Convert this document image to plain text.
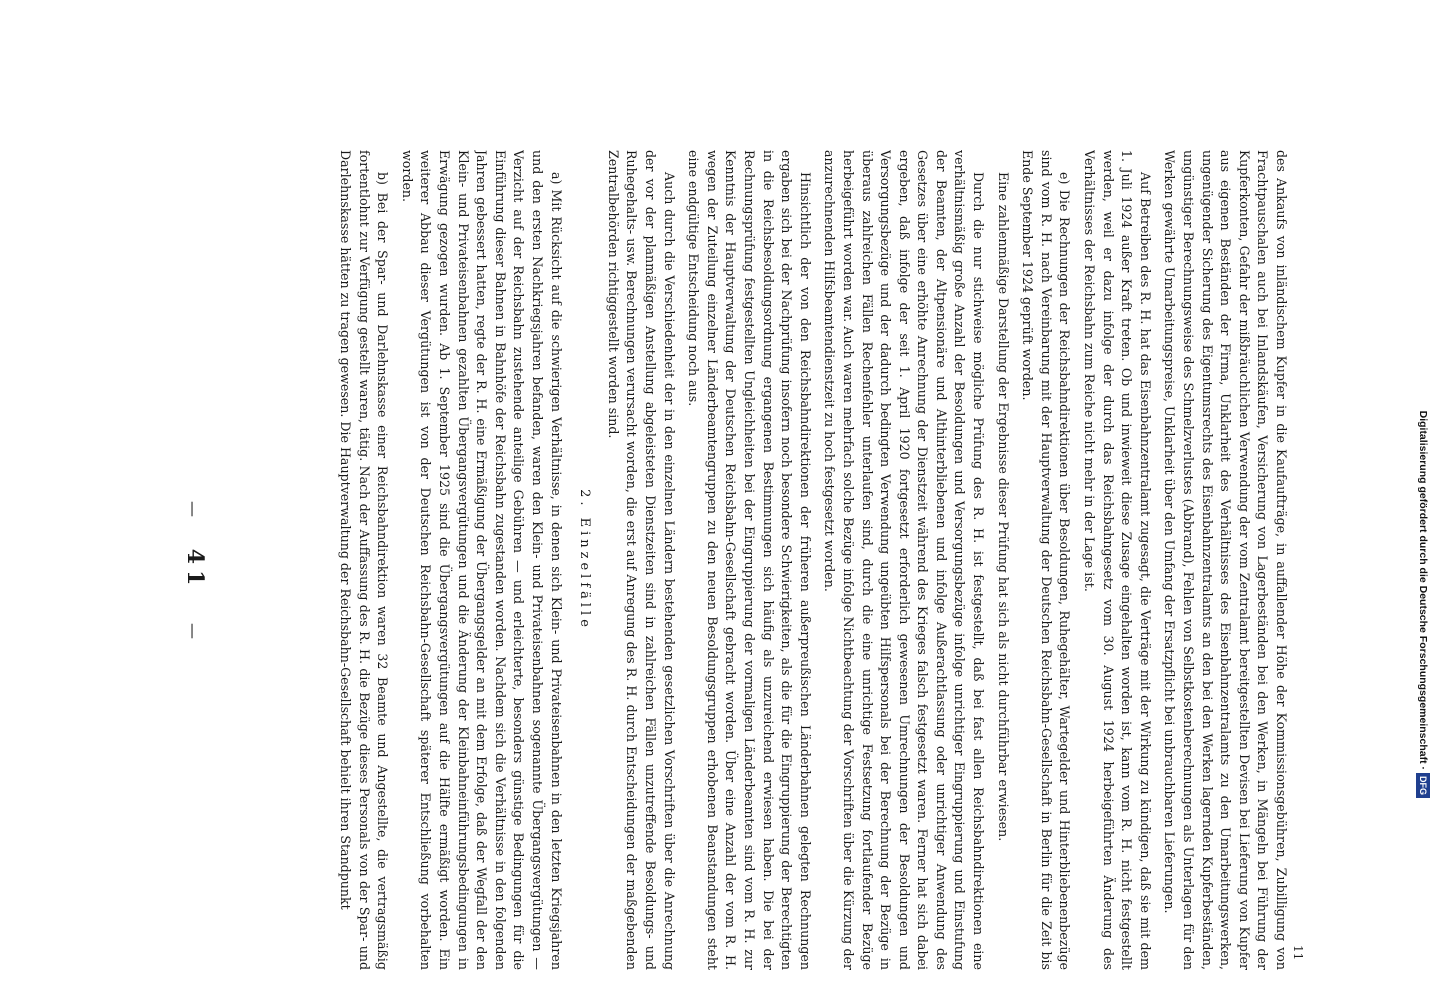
— 41 —	des Ankaufs von inländischem Kupfer in die Kaufaufträge, in auffallender Höhe der Kommissionsgebühren, Zubilligung von Frachtpauschalen auch bei Inlandskäufen, Versicherung von Lagerbeständen bei den Werken, in Mängeln bei Führung der Kupferkonten, Gefahr der mißbräuchlichen Verwendung der vom Zentralamt bereitgestellten Devisen bei Lieferung von Kupfer aus eigenen Beständen der Firma, Unklarheit des Verhältnisses des Eisenbahnzentralamts zu den Umarbeitungswerken, ungenügender Sicherung des Eigentumsrechts des Eisenbahnzentralamts an den bei den Werken lagernden Kupferbeständen, ungünstiger Berechnungsweise des Schmelzverlustes (Abbrand), Fehlen von Selbstkostenberechnungen als Unterlagen für den Werken gewährte Umarbeitungspreise, Unklarheit über den Umfang der Ersatzpflicht bei unbrauchbaren Lieferungen.

Auf Betreiben des R. H. hat das Eisenbahnzentralamt zugesagt, die Verträge mit der Wirkung zu kündigen, daß sie mit dem 1. Juli 1924 außer Kraft treten. Ob und inwieweit diese Zusage eingehalten worden ist, kann vom R. H. nicht festgestellt werden, weil er dazu infolge der durch das Reichsbahngesetz vom 30. August 1924 herbeigeführten Änderung des Verhältnisses der Reichsbahn zum Reiche nicht mehr in der Lage ist.

e) Die Rechnungen der Reichsbahndirektionen über Besoldungen, Ruhegehälter, Wartegelder und Hinterbliebenenbezüge sind vom R. H. nach Vereinbarung mit der Hauptverwaltung der Deutschen Reichsbahn-Gesellschaft in Berlin für die Zeit bis Ende September 1924 geprüft worden.

Eine zahlenmäßige Darstellung der Ergebnisse dieser Prüfung hat sich als nicht durchführbar erwiesen.

Durch die nur stichweise mögliche Prüfung des R. H. ist festgestellt, daß bei fast allen Reichsbahndirektionen eine verhältnismäßig große Anzahl der Besoldungen und Versorgungsbezüge infolge unrichtiger Eingruppierung und Einstufung der Beamten, der Altpensionäre und Althinterbliebenen und infolge Außerachtlassung oder unrichtiger Anwendung des Gesetzes über eine erhöhte Anrechnung der Dienstzeit während des Krieges falsch festgesetzt waren. Ferner hat sich dabei ergeben, daß infolge der seit 1. April 1920 fortgesetzt erforderlich gewesenen Umrechnungen der Besoldungen und Versorgungsbezüge und der dadurch bedingten Verwendung ungeübten Hilfspersonals bei der Berechnung der Bezüge in überaus zahlreichen Fällen Rechenfehler unterlaufen sind, durch die eine unrichtige Festsetzung fortlaufender Bezüge herbeigeführt worden war. Auch waren mehrfach solche Bezüge infolge Nichtbeachtung der Vorschriften über die Kürzung der anzurechnenden Hilfsbeamtendienstzeit zu hoch festgesetzt worden.

Hinsichtlich der von den Reichsbahndirektionen der früheren außerpreußischen Länderbahnen gelegten Rechnungen ergaben sich bei der Nachprüfung insofern noch besondere Schwierigkeiten, als die für die Eingruppierung der Berechtigten in die Reichsbesoldungsordnung ergangenen Bestimmungen sich häufig als unzureichend erwiesen haben. Die bei der Rechnungsprüfung festgestellten Ungleichheiten bei der Eingruppierung der vormaligen Länderbeamten sind vom R. H. zur Kenntnis der Hauptverwaltung der Deutschen Reichsbahn-Gesellschaft gebracht worden. Über eine Anzahl der vom R. H. wegen der Zuteilung einzelner Länderbeamtengruppen zu den neuen Besoldungsgruppen erhobenen Beanstandungen steht eine endgültige Entscheidung noch aus.

Auch durch die Verschiedenheit der in den einzelnen Ländern bestehenden gesetzlichen Vorschriften über die Anrechnung der vor der planmäßigen Anstellung abgeleisteten Dienstzeiten sind in zahlreichen Fällen unzutreffende Besoldungs- und Ruhegehalts- usw. Berechnungen verursacht worden, die erst auf Anregung des R. H. durch Entscheidungen der maßgebenden Zentralbehörden richtiggestellt worden sind.

2. Einzelfälle

a) Mit Rücksicht auf die schwierigen Verhältnisse, in denen sich Klein- und Privateisenbahnen in den letzten Kriegsjahren und den ersten Nachkriegsjahren befanden, waren den Klein- und Privateisenbahnen sogenannte Übergangsvergütungen — Verzicht auf der Reichsbahn zustehende anteilige Gebühren — und erleichterte, besonders günstige Bedingungen für die Einführung dieser Bahnen in Bahnhöfe der Reichsbahn zugestanden worden. Nachdem sich die Verhältnisse in den folgenden Jahren gebessert hatten, regte der R. H. eine Ermäßigung der Übergangsgelder an mit dem Erfolge, daß der Wegfall der den Klein- und Privateisenbahnen gezahlten Übergangsvergütungen und die Änderung der Kleinbahneinführungsbedingungen in Erwägung gezogen wurden. Ab 1. September 1925 sind die Übergangsvergütungen auf die Hälfte ermäßigt worden. Ein weiterer Abbau dieser Vergütungen ist von der Deutschen Reichsbahn-Gesellschaft späterer Entschließung vorbehalten worden.

b) Bei der Spar- und Darlehnskasse einer Reichsbahndirektion waren 32 Beamte und Angestellte, die vertragsmäßig fortentlohnt zur Verfügung gestellt waren, tätig. Nach der Auffassung des R. H. die Bezüge dieses Personals von der Spar- und Darlehnskasse hätten zu tragen gewesen. Die Hauptverwaltung der Reichsbahn-Gesellschaft behielt ihren Standpunkt

11
Digitalisierung gefördert durch die Deutsche Forschungsgemeinschaft ·DFG
